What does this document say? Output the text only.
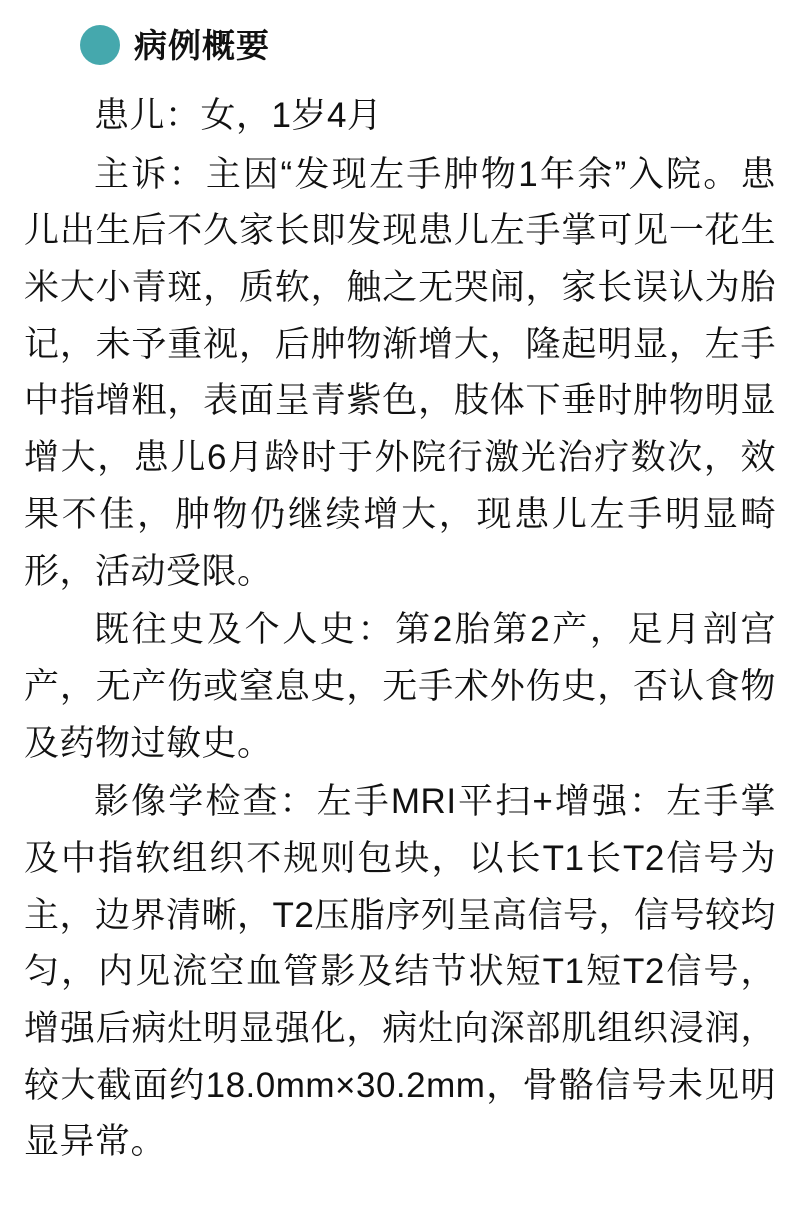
病例概要

患儿：女，1岁4月

主诉：主因“发现左手肿物1年余”入院。患儿出生后不久家长即发现患儿左手掌可见一花生米大小青斑，质软，触之无哭闹，家长误认为胎记，未予重视，后肿物渐增大，隆起明显，左手中指增粗，表面呈青紫色，肢体下垂时肿物明显增大，患儿6月龄时于外院行激光治疗数次，效果不佳，肿物仍继续增大，现患儿左手明显畸形，活动受限。

既往史及个人史：第2胎第2产，足月剖宫产，无产伤或窒息史，无手术外伤史，否认食物及药物过敏史。

影像学检查：左手MRI平扫+增强：左手掌及中指软组织不规则包块，以长T1长T2信号为主，边界清晰，T2压脂序列呈高信号，信号较均匀，内见流空血管影及结节状短T1短T2信号，增强后病灶明显强化，病灶向深部肌组织浸润，较大截面约18.0mm×30.2mm，骨骼信号未见明显异常。
